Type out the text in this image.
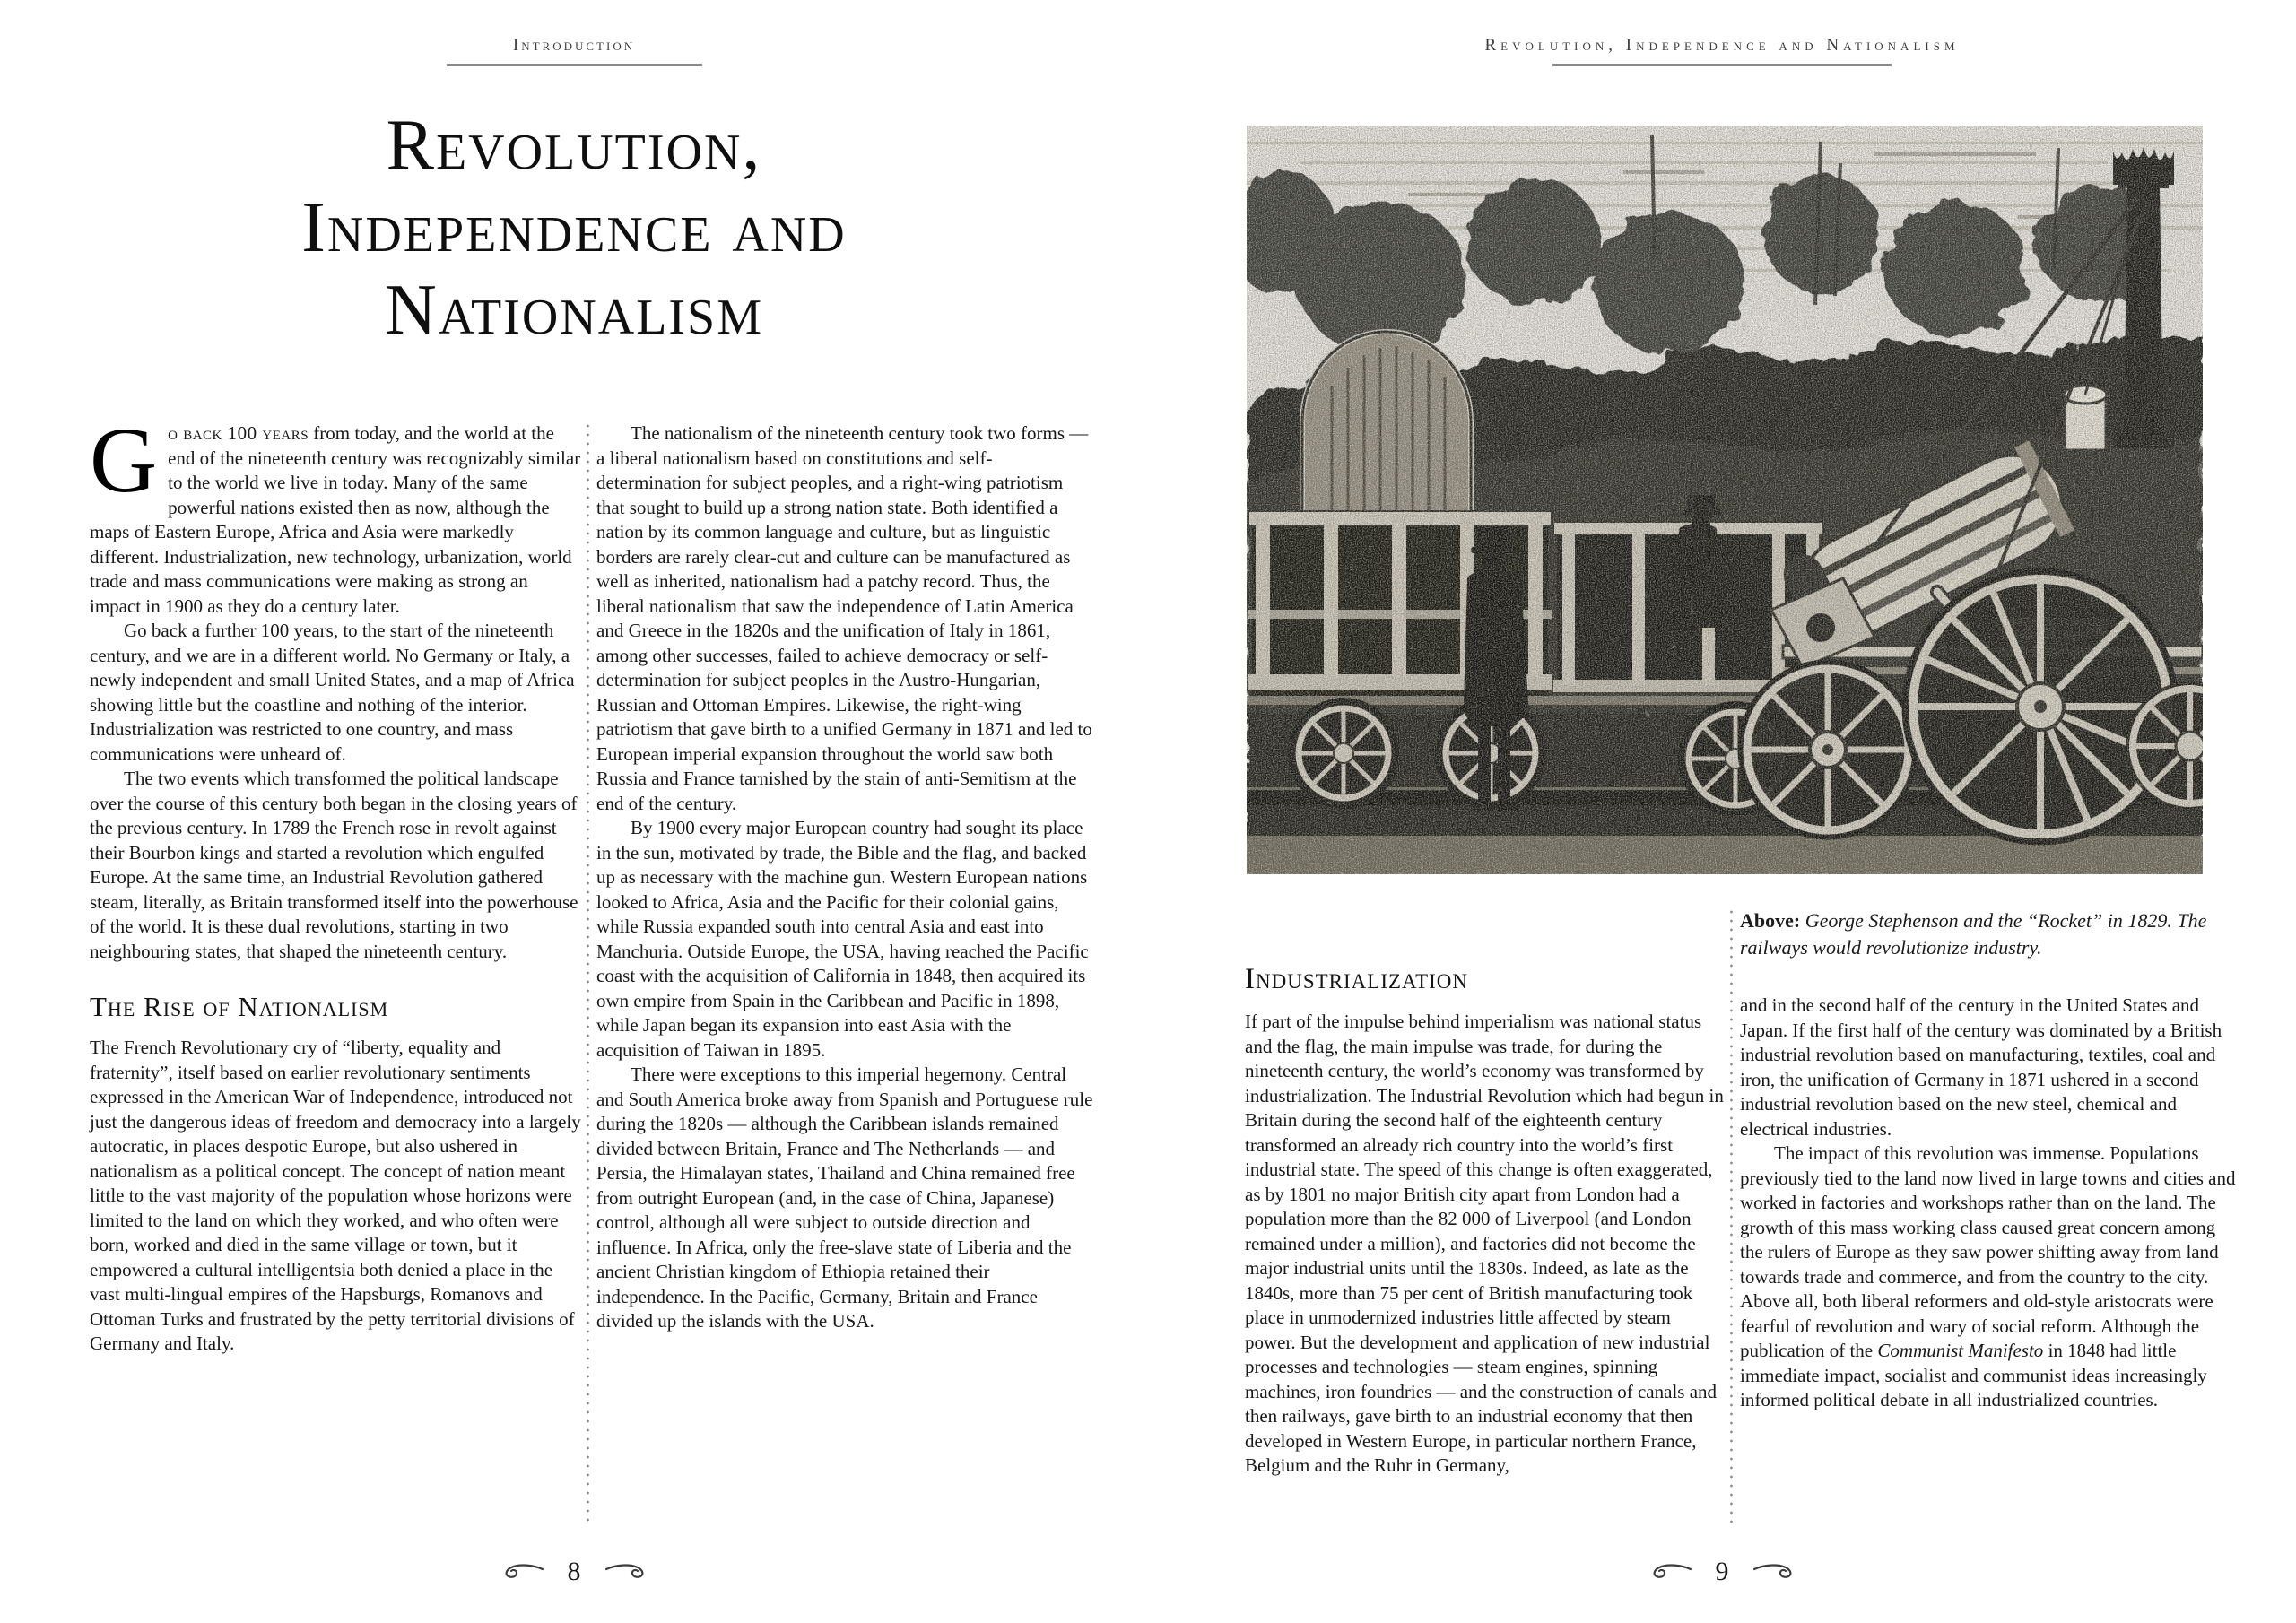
Introduction
Revolution,
Independence and
Nationalism

Go back 100 years from today, and the world at the end of the nineteenth century was recognizably similar to the world we live in today. Many of the same powerful nations existed then as now, although the maps of Eastern Europe, Africa and Asia were markedly different. Industrialization, new technology, urbanization, world trade and mass communications were making as strong an impact in 1900 as they do a century later.

Go back a further 100 years, to the start of the nineteenth century, and we are in a different world. No Germany or Italy, a newly independent and small United States, and a map of Africa showing little but the coastline and nothing of the interior. Industrialization was restricted to one country, and mass communications were unheard of.

The two events which transformed the political landscape over the course of this century both began in the closing years of the previous century. In 1789 the French rose in revolt against their Bourbon kings and started a revolution which engulfed Europe. At the same time, an Industrial Revolution gathered steam, literally, as Britain transformed itself into the powerhouse of the world. It is these dual revolutions, starting in two neighbouring states, that shaped the nineteenth century.

The Rise of Nationalism

The French Revolutionary cry of “liberty, equality and fraternity”, itself based on earlier revolutionary sentiments expressed in the American War of Independence, introduced not just the dangerous ideas of freedom and democracy into a largely autocratic, in places despotic Europe, but also ushered in nationalism as a political concept. The concept of nation meant little to the vast majority of the population whose horizons were limited to the land on which they worked, and who often were born, worked and died in the same village or town, but it empowered a cultural intelligentsia both denied a place in the vast multi-lingual empires of the Hapsburgs, Romanovs and Ottoman Turks and frustrated by the petty territorial divisions of Germany and Italy.

The nationalism of the nineteenth century took two forms — a liberal nationalism based on constitutions and self-determination for subject peoples, and a right-wing patriotism that sought to build up a strong nation state. Both identified a nation by its common language and culture, but as linguistic borders are rarely clear-cut and culture can be manufactured as well as inherited, nationalism had a patchy record. Thus, the liberal nationalism that saw the independence of Latin America and Greece in the 1820s and the unification of Italy in 1861, among other successes, failed to achieve democracy or self-determination for subject peoples in the Austro-Hungarian, Russian and Ottoman Empires. Likewise, the right-wing patriotism that gave birth to a unified Germany in 1871 and led to European imperial expansion throughout the world saw both Russia and France tarnished by the stain of anti-Semitism at the end of the century.

By 1900 every major European country had sought its place in the sun, motivated by trade, the Bible and the flag, and backed up as necessary with the machine gun. Western European nations looked to Africa, Asia and the Pacific for their colonial gains, while Russia expanded south into central Asia and east into Manchuria. Outside Europe, the USA, having reached the Pacific coast with the acquisition of California in 1848, then acquired its own empire from Spain in the Caribbean and Pacific in 1898, while Japan began its expansion into east Asia with the acquisition of Taiwan in 1895.

There were exceptions to this imperial hegemony. Central and South America broke away from Spanish and Portuguese rule during the 1820s — although the Caribbean islands remained divided between Britain, France and The Netherlands — and Persia, the Himalayan states, Thailand and China remained free from outright European (and, in the case of China, Japanese) control, although all were subject to outside direction and influence. In Africa, only the free-slave state of Liberia and the ancient Christian kingdom of Ethiopia retained their independence. In the Pacific, Germany, Britain and France divided up the islands with the USA.

8
Revolution, Independence and Nationalism
Industrialization

If part of the impulse behind imperialism was national status and the flag, the main impulse was trade, for during the nineteenth century, the world’s economy was transformed by industrialization. The Industrial Revolution which had begun in Britain during the second half of the eighteenth century transformed an already rich country into the world’s first industrial state. The speed of this change is often exaggerated, as by 1801 no major British city apart from London had a population more than the 82 000 of Liverpool (and London remained under a million), and factories did not become the major industrial units until the 1830s. Indeed, as late as the 1840s, more than 75 per cent of British manufacturing took place in unmodernized industries little affected by steam power. But the development and application of new industrial processes and technologies — steam engines, spinning machines, iron foundries — and the construction of canals and then railways, gave birth to an industrial economy that then developed in Western Europe, in particular northern France, Belgium and the Ruhr in Germany,

Above: George Stephenson and the “Rocket” in 1829. The railways would revolutionize industry.

and in the second half of the century in the United States and Japan. If the first half of the century was dominated by a British industrial revolution based on manufacturing, textiles, coal and iron, the unification of Germany in 1871 ushered in a second industrial revolution based on the new steel, chemical and electrical industries.

The impact of this revolution was immense. Populations previously tied to the land now lived in large towns and cities and worked in factories and workshops rather than on the land. The growth of this mass working class caused great concern among the rulers of Europe as they saw power shifting away from land towards trade and commerce, and from the country to the city. Above all, both liberal reformers and old-style aristocrats were fearful of revolution and wary of social reform. Although the publication of the Communist Manifesto in 1848 had little immediate impact, socialist and communist ideas increasingly informed political debate in all industrialized countries.

9
